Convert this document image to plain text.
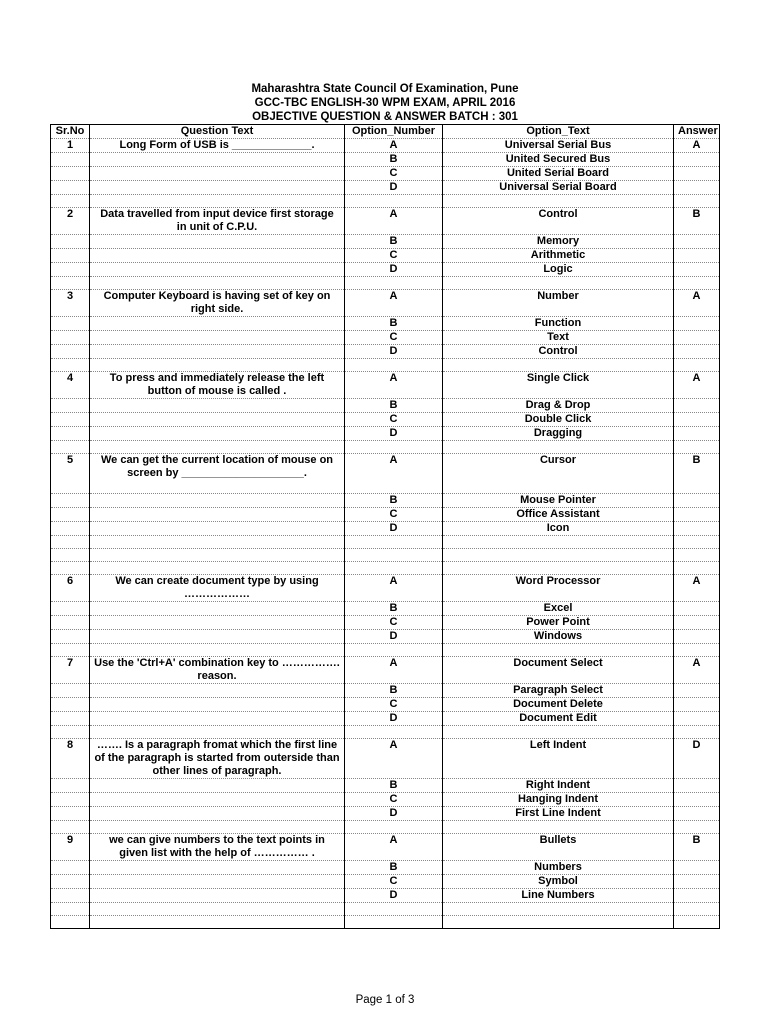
Maharashtra State Council Of Examination, Pune
GCC-TBC ENGLISH-30 WPM EXAM, APRIL 2016
OBJECTIVE QUESTION & ANSWER BATCH : 301
Sr.No	Question Text	Option_Number	Option_Text	Answer
1	Long Form of USB is _____________.	A	Universal Serial Bus	A
		B	United Secured Bus	
		C	United Serial Board	
		D	Universal Serial Board	

2	Data travelled from input device first storage in unit of C.P.U.	A	Control	B
		B	Memory	
		C	Arithmetic	
		D	Logic	

3	Computer Keyboard is having set of key on right side.	A	Number	A
		B	Function	
		C	Text	
		D	Control	

4	To press and immediately release the left button of mouse is called .	A	Single Click	A
		B	Drag & Drop	
		C	Double Click	
		D	Dragging	

5	We can get the current location of mouse on screen by ____________________.	A	Cursor	B
		B	Mouse Pointer	
		C	Office Assistant	
		D	Icon	

6	We can create document type by using ………………	A	Word Processor	A
		B	Excel	
		C	Power Point	
		D	Windows	

7	Use the 'Ctrl+A' combination key to ……………. reason.	A	Document Select	A
		B	Paragraph Select	
		C	Document Delete	
		D	Document Edit	

8	……. Is a paragraph fromat which the first line of the paragraph is started from outerside than other lines of paragraph.	A	Left Indent	D
		B	Right Indent	
		C	Hanging Indent	
		D	First Line Indent	

9	we can give numbers to the text points in given list with the help of …………… .	A	Bullets	B
		B	Numbers	
		C	Symbol	
		D	Line Numbers	

Page 1 of 3
